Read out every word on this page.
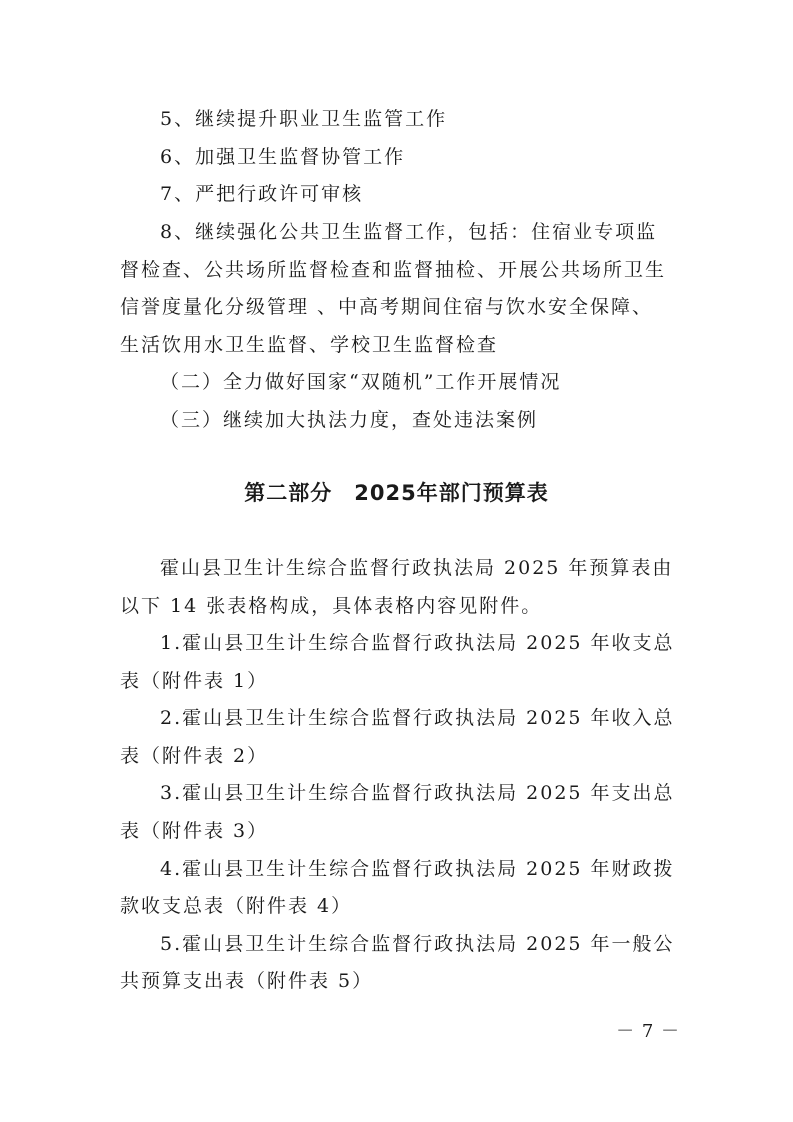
5、继续提升职业卫生监管工作
6、加强卫生监督协管工作
7、严把行政许可审核
8、继续强化公共卫生监督工作，包括：住宿业专项监
督检查、公共场所监督检查和监督抽检、开展公共场所卫生
信誉度量化分级管理 、中高考期间住宿与饮水安全保障、
生活饮用水卫生监督、学校卫生监督检查
（二）全力做好国家“双随机”工作开展情况
（三）继续加大执法力度，查处违法案例
第二部分　2025年部门预算表
霍山县卫生计生综合监督行政执法局 2025 年预算表由
以下 14 张表格构成，具体表格内容见附件。
1.霍山县卫生计生综合监督行政执法局 2025 年收支总
表（附件表 1）
2.霍山县卫生计生综合监督行政执法局 2025 年收入总
表（附件表 2）
3.霍山县卫生计生综合监督行政执法局 2025 年支出总
表（附件表 3）
4.霍山县卫生计生综合监督行政执法局 2025 年财政拨
款收支总表（附件表 4）
5.霍山县卫生计生综合监督行政执法局 2025 年一般公
共预算支出表（附件表 5）
－ 7 －
